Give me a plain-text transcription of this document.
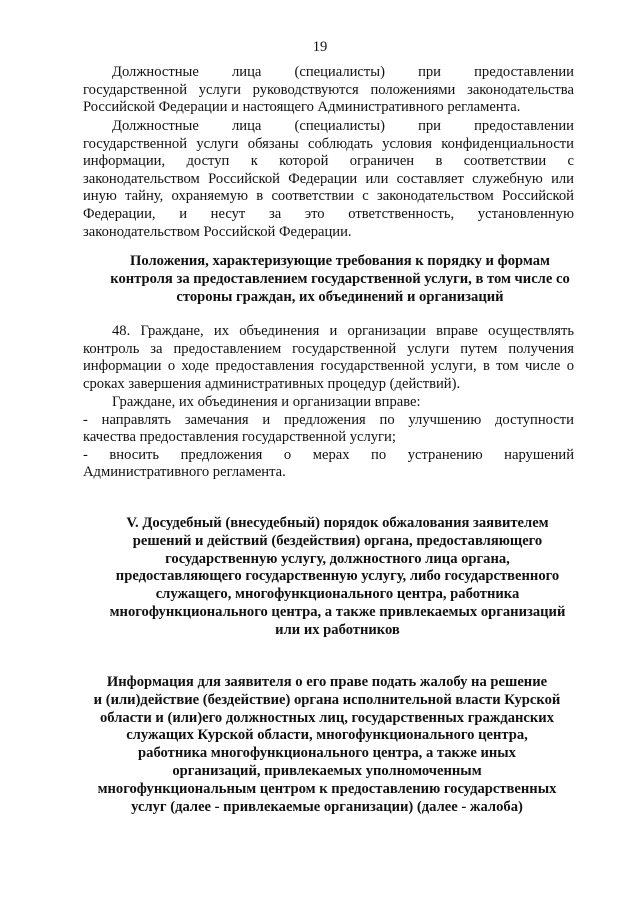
19

Должностные лица (специалисты) при предоставлении

государственной услуги руководствуются положениями законодательства
Российской Федерации и настоящего Административного регламента.

Должностные лица (специалисты) при предоставлении

государственной услуги обязаны соблюдать условия конфиденциальности
информации, доступ к которой ограничен в соответствии с
законодательством Российской Федерации или составляет служебную или
иную тайну, охраняемую в соответствии с законодательством Российской
Федерации, и несут за это ответственность, установленную
законодательством Российской Федерации.

Положения, характеризующие требования к порядку и формам
контроля за предоставлением государственной услуги, в том числе со
стороны граждан, их объединений и организаций

48. Граждане, их объединения и организации вправе осуществлять

контроль за предоставлением государственной услуги путем получения
информации о ходе предоставления государственной услуги, в том числе о
сроках завершения административных процедур (действий).

Граждане, их объединения и организации вправе:

- направлять замечания и предложения по улучшению доступности
качества предоставления государственной услуги;
- вносить предложения о мерах по устранению нарушений
Административного регламента.

V. Досудебный (внесудебный) порядок обжалования заявителем
решений и действий (бездействия) органа, предоставляющего
государственную услугу, должностного лица органа,
предоставляющего государственную услугу, либо государственного
служащего, многофункционального центра, работника
многофункционального центра, а также привлекаемых организаций
или их работников

Информация для заявителя о его праве подать жалобу на решение
и (или)действие (бездействие) органа исполнительной власти Курской
области и (или)его должностных лиц, государственных гражданских
служащих Курской области, многофункционального центра,
работника многофункционального центра, а также иных
организаций, привлекаемых уполномоченным
многофункциональным центром к предоставлению государственных
услуг (далее - привлекаемые организации) (далее - жалоба)
